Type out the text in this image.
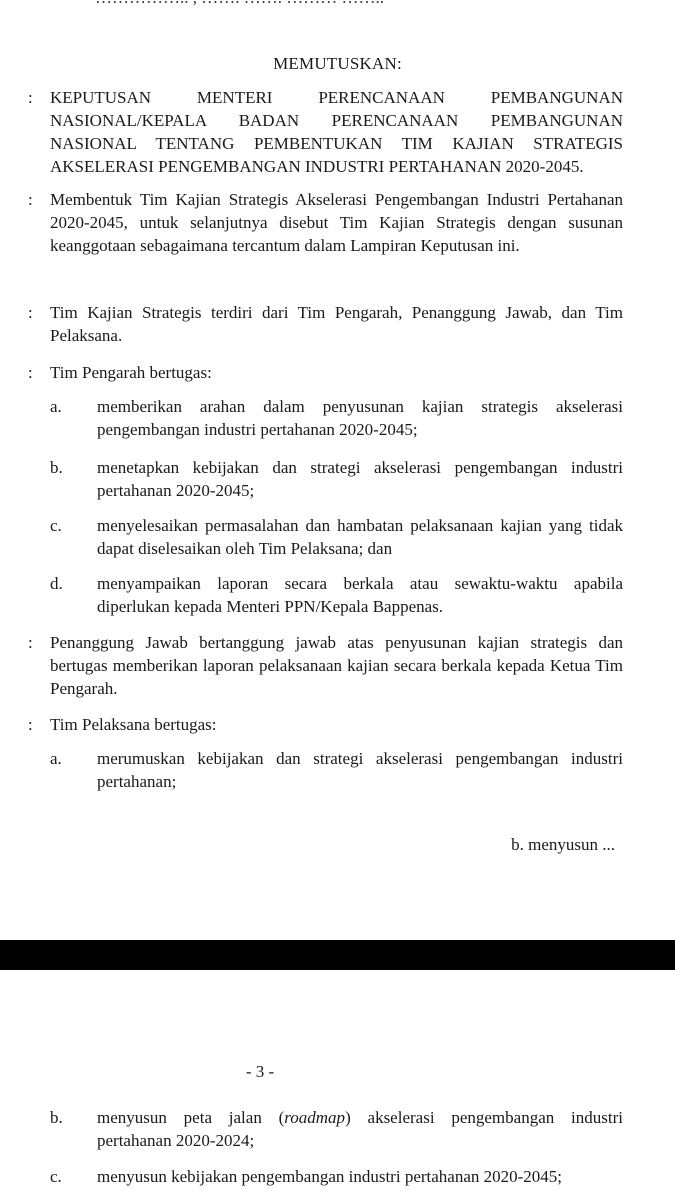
MEMUTUSKAN:
: KEPUTUSAN MENTERI PERENCANAAN PEMBANGUNAN NASIONAL/KEPALA BADAN PERENCANAAN PEMBANGUNAN NASIONAL TENTANG PEMBENTUKAN TIM KAJIAN STRATEGIS AKSELERASI PENGEMBANGAN INDUSTRI PERTAHANAN 2020-2045.
: Membentuk Tim Kajian Strategis Akselerasi Pengembangan Industri Pertahanan 2020-2045, untuk selanjutnya disebut Tim Kajian Strategis dengan susunan keanggotaan sebagaimana tercantum dalam Lampiran Keputusan ini.
: Tim Kajian Strategis terdiri dari Tim Pengarah, Penanggung Jawab, dan Tim Pelaksana.
: Tim Pengarah bertugas:
a. memberikan arahan dalam penyusunan kajian strategis akselerasi pengembangan industri pertahanan 2020-2045;
b. menetapkan kebijakan dan strategi akselerasi pengembangan industri pertahanan 2020-2045;
c. menyelesaikan permasalahan dan hambatan pelaksanaan kajian yang tidak dapat diselesaikan oleh Tim Pelaksana; dan
d. menyampaikan laporan secara berkala atau sewaktu-waktu apabila diperlukan kepada Menteri PPN/Kepala Bappenas.
: Penanggung Jawab bertanggung jawab atas penyusunan kajian strategis dan bertugas memberikan laporan pelaksanaan kajian secara berkala kepada Ketua Tim Pengarah.
: Tim Pelaksana bertugas:
a. merumuskan kebijakan dan strategi akselerasi pengembangan industri pertahanan;
b. menyusun ...
- 3 -
b. menyusun peta jalan (roadmap) akselerasi pengembangan industri pertahanan 2020-2024;
c. menyusun kebijakan pengembangan industri pertahanan 2020-2045;
